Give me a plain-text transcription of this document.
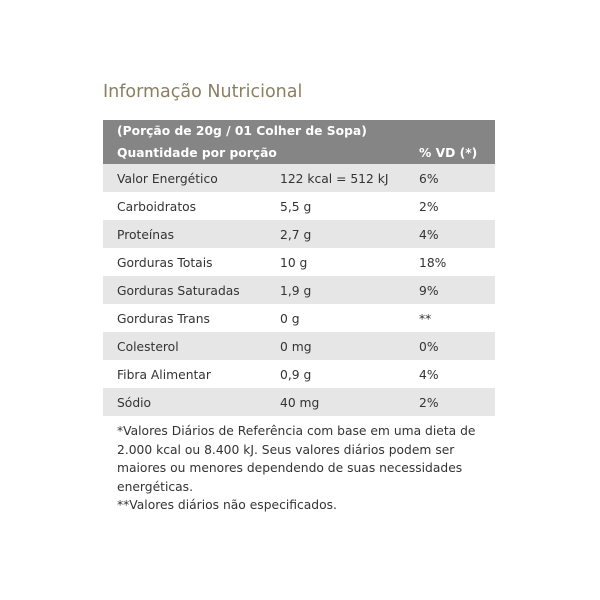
Informação Nutricional
(Porção de 20g / 01 Colher de Sopa)
Quantidade por porção	% VD (*)
Valor Energético	122 kcal = 512 kJ 6%
Carboidratos	5,5 g	2%
Proteínas	2,7 g	4%
Gorduras Totais	10 g	18%
Gorduras Saturadas	1,9 g	9%
Gorduras Trans	0 g	**
Colesterol	0 mg	0%
Fibra Alimentar	0,9 g	4%
Sódio	40 mg	2%
*Valores Diários de Referência com base em uma dieta de
2.000 kcal ou 8.400 kJ. Seus valores diários podem ser
maiores ou menores dependendo de suas necessidades
energéticas.
**Valores diários não especificados.
